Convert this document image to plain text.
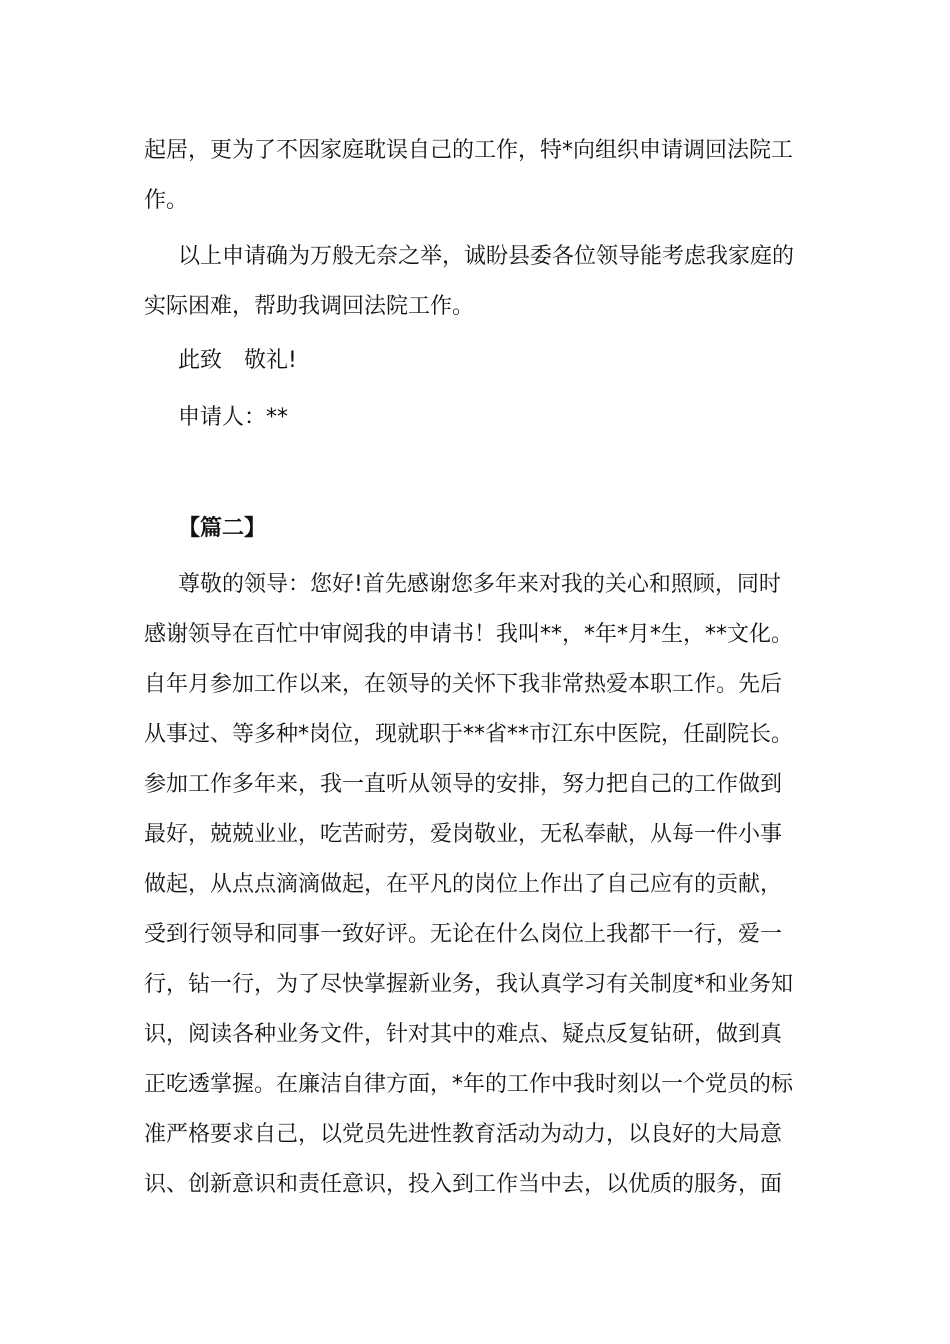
起居，更为了不因家庭耽误自己的工作，特*向组织申请调回法院工
作。
以上申请确为万般无奈之举，诚盼县委各位领导能考虑我家庭的
实际困难，帮助我调回法院工作。
此致 敬礼!
申请人：**
【篇二】
尊敬的领导：您好!首先感谢您多年来对我的关心和照顾，同时
感谢领导在百忙中审阅我的申请书！我叫**，*年*月*生，**文化。
自年月参加工作以来，在领导的关怀下我非常热爱本职工作。先后
从事过、等多种*岗位，现就职于**省**市江东中医院，任副院长。
参加工作多年来，我一直听从领导的安排，努力把自己的工作做到
最好，兢兢业业，吃苦耐劳，爱岗敬业，无私奉献，从每一件小事
做起，从点点滴滴做起，在平凡的岗位上作出了自己应有的贡献，
受到行领导和同事一致好评。无论在什么岗位上我都干一行，爱一
行，钻一行，为了尽快掌握新业务，我认真学习有关制度*和业务知
识，阅读各种业务文件，针对其中的难点、疑点反复钻研，做到真
正吃透掌握。在廉洁自律方面，*年的工作中我时刻以一个党员的标
准严格要求自己，以党员先进性教育活动为动力，以良好的大局意
识、创新意识和责任意识，投入到工作当中去，以优质的服务，面
